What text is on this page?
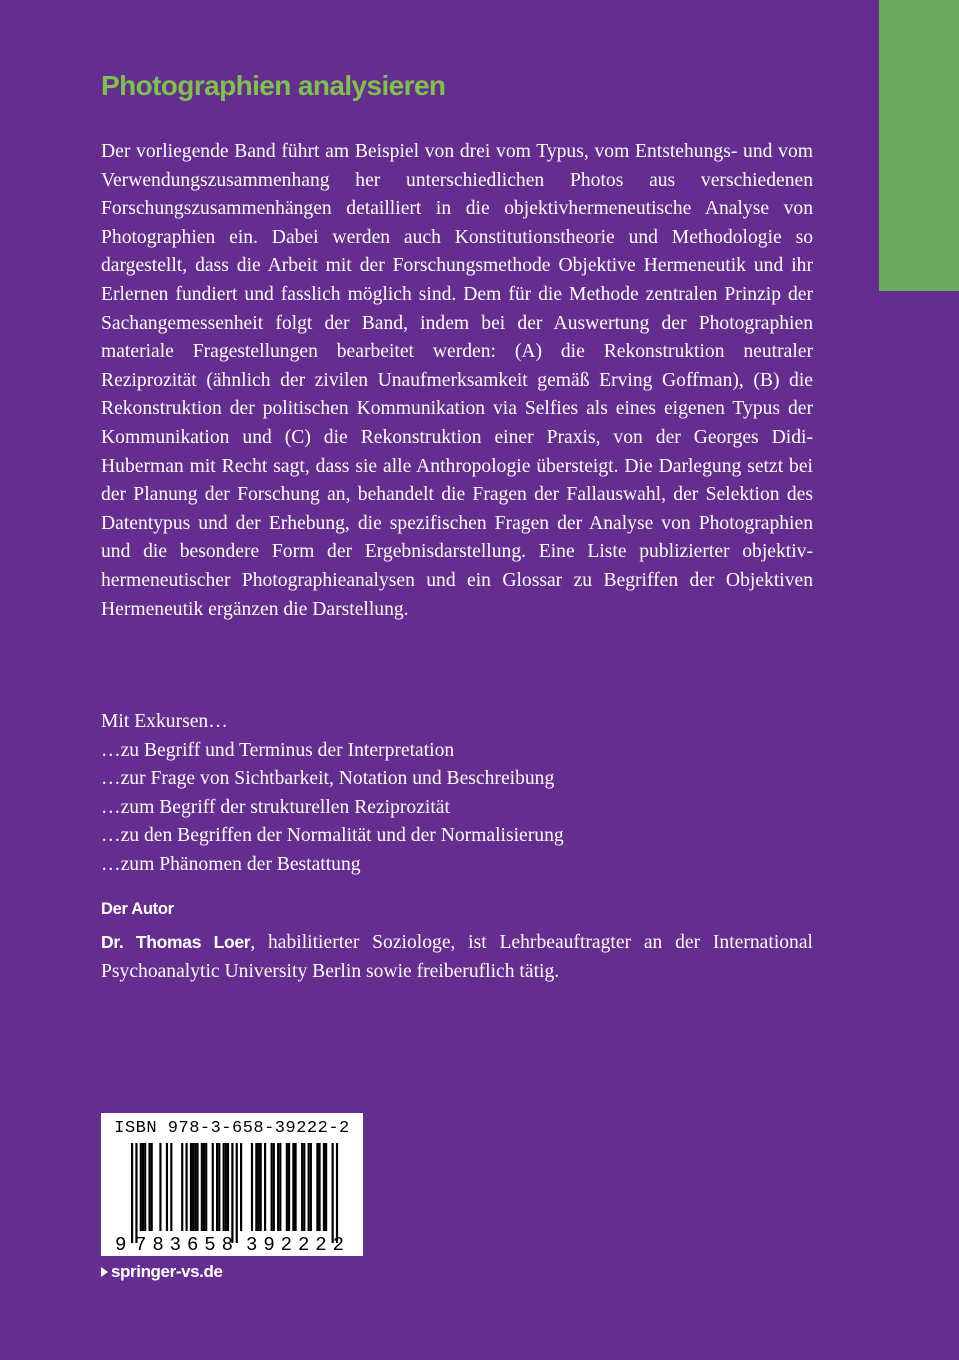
Photographien analysieren

Der vorliegende Band führt am Beispiel von drei vom Typus, vom Entstehungs- und vom Verwendungszusammenhang her unterschiedlichen Photos aus verschiedenen Forschungszusammenhängen detailliert in die objektivhermeneutische Analyse von Photographien ein. Dabei werden auch Konstitutionstheorie und Methodologie so dargestellt, dass die Arbeit mit der Forschungsmethode Objektive Hermeneutik und ihr Erlernen fundiert und fasslich möglich sind. Dem für die Methode zentralen Prinzip der Sachangemessenheit folgt der Band, indem bei der Auswertung der Photographien materiale Fragestellungen bearbeitet werden: (A) die Rekonstruktion neutraler Reziprozität (ähnlich der zivilen Unaufmerksamkeit gemäß Erving Goffman), (B) die Rekonstruktion der politischen Kommunikation via Selfies als eines eigenen Typus der Kommunikation und (C) die Rekonstruktion einer Praxis, von der Georges Didi-Huberman mit Recht sagt, dass sie alle Anthropologie übersteigt. Die Darlegung setzt bei der Planung der Forschung an, behandelt die Fragen der Fallauswahl, der Selektion des Datentypus und der Erhebung, die spezifischen Fragen der Analyse von Photographien und die besondere Form der Ergebnisdarstellung. Eine Liste publizierter objektiv-hermeneutischer Photographieanalysen und ein Glossar zu Begriffen der Objektiven Hermeneutik ergänzen die Darstellung.

Mit Exkursen…
…zu Begriff und Terminus der Interpretation
…zur Frage von Sichtbarkeit, Notation und Beschreibung
…zum Begriff der strukturellen Reziprozität
…zu den Begriffen der Normalität und der Normalisierung
…zum Phänomen der Bestattung
Der Autor

Dr. Thomas Loer, habilitierter Soziologe, ist Lehrbeauftragter an der International Psychoanalytic University Berlin sowie freiberuflich tätig.

ISBN 978-3-658-39222-2
9 783658 392222
springer-vs.de
